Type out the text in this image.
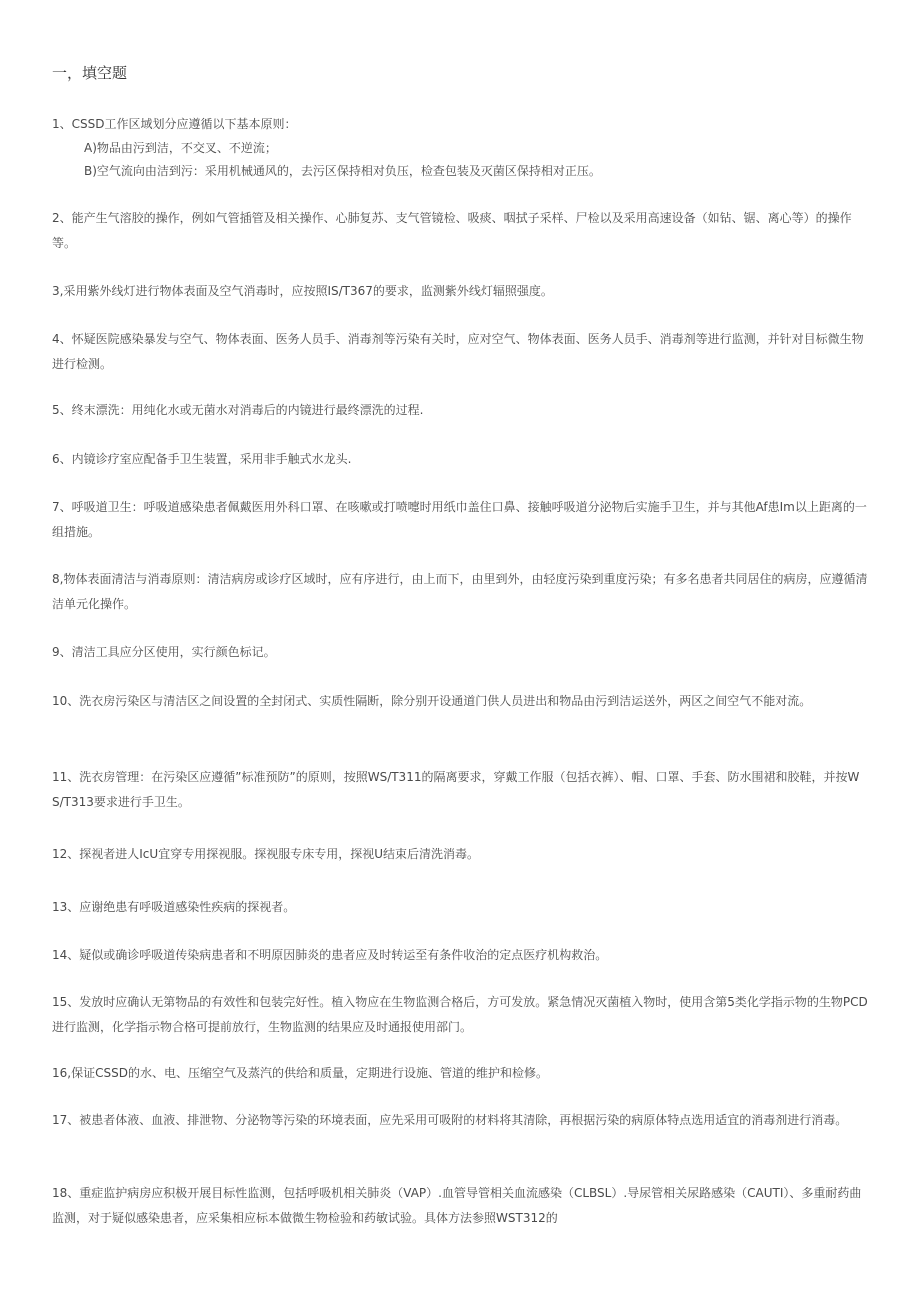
一，填空题

1、CSSD工作区域划分应遵循以下基本原则：

A)物品由污到洁，不交叉、不逆流；

B)空气流向由洁到污：采用机械通风的，去污区保持相对负压，检查包装及灭菌区保持相对正压。

2、能产生气溶胶的操作，例如气管插管及相关操作、心肺复苏、支气管镜检、吸痰、咽拭子采样、尸检以及采用高速设备（如钻、锯、离心等）的操作等。

3,采用紫外线灯进行物体表面及空气消毒时，应按照IS/T367的要求，监测紫外线灯辐照强度。

4、怀疑医院感染暴发与空气、物体表面、医务人员手、消毒剂等污染有关时，应对空气、物体表面、医务人员手、消毒剂等进行监测，并针对目标微生物进行检测。

5、终末漂洗：用纯化水或无菌水对消毒后的内镜进行最终漂洗的过程.

6、内镜诊疗室应配备手卫生装置，采用非手触式水龙头.

7、呼吸道卫生：呼吸道感染患者佩戴医用外科口罩、在咳嗽或打喷嚏时用纸巾盖住口鼻、接触呼吸道分泌物后实施手卫生，并与其他Af患Im以上距离的一组措施。

8,物体表面清洁与消毒原则：清洁病房或诊疗区域时，应有序进行，由上而下，由里到外，由轻度污染到重度污染；有多名患者共同居住的病房，应遵循清洁单元化操作。

9、清洁工具应分区使用，实行颜色标记。

10、洗衣房污染区与清洁区之间设置的全封闭式、实质性隔断，除分别开设通道门供人员进出和物品由污到洁运送外，两区之间空气不能对流。

11、洗衣房管理：在污染区应遵循”标准预防”的原则，按照WS/T311的隔离要求，穿戴工作服（包括衣裤）、帽、口罩、手套、防水围裙和胶鞋，并按WS/T313要求进行手卫生。

12、探视者进人IcU宜穿专用探视服。探视服专床专用，探视U结束后清洗消毒。

13、应谢绝患有呼吸道感染性疾病的探视者。

14、疑似或确诊呼吸道传染病患者和不明原因肺炎的患者应及时转运至有条件收治的定点医疗机构救治。

15、发放时应确认无第物品的有效性和包装完好性。植入物应在生物监测合格后，方可发放。紧急情况灭菌植入物时，使用含第5类化学指示物的生物PCD进行监测，化学指示物合格可提前放行，生物监测的结果应及时通报使用部门。

16,保证CSSD的水、电、压缩空气及蒸汽的供给和质量，定期进行设施、管道的维护和检修。

17、被患者体液、血液、排泄物、分泌物等污染的环境表面，应先采用可吸附的材料将其清除，再根据污染的病原体特点选用适宜的消毒剂进行消毒。

18、重症监护病房应积极开展目标性监测，包括呼吸机相关肺炎（VAP）.血管导管相关血流感染（CLBSL）.导尿管相关尿路感染（CAUTI）、多重耐药曲监测，对于疑似感染患者，应采集相应标本做微生物检验和药敏试验。具体方法参照WST312的
